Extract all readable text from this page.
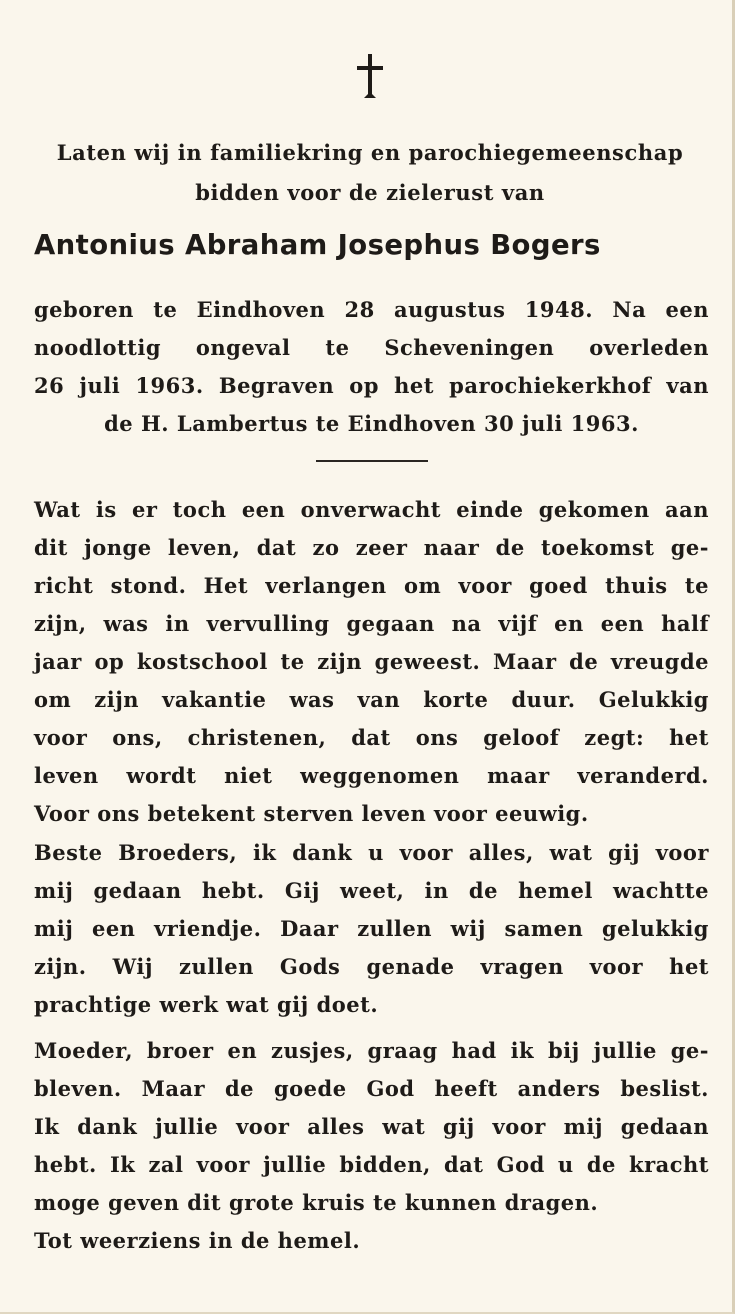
Laten wij in familiekring en parochiegemeenschap
bidden voor de zielerust van
Antonius Abraham Josephus Bogers
geboren te Eindhoven 28 augustus 1948. Na een
noodlottig ongeval te Scheveningen overleden
26 juli 1963. Begraven op het parochiekerkhof van
de H. Lambertus te Eindhoven 30 juli 1963.
Wat is er toch een onverwacht einde gekomen aan
dit jonge leven, dat zo zeer naar de toekomst ge-
richt stond. Het verlangen om voor goed thuis te
zijn, was in vervulling gegaan na vijf en een half
jaar op kostschool te zijn geweest. Maar de vreugde
om zijn vakantie was van korte duur. Gelukkig
voor ons, christenen, dat ons geloof zegt: het
leven wordt niet weggenomen maar veranderd.
Voor ons betekent sterven leven voor eeuwig.
Beste Broeders, ik dank u voor alles, wat gij voor
mij gedaan hebt. Gij weet, in de hemel wachtte
mij een vriendje. Daar zullen wij samen gelukkig
zijn. Wij zullen Gods genade vragen voor het
prachtige werk wat gij doet.
Moeder, broer en zusjes, graag had ik bij jullie ge-
bleven. Maar de goede God heeft anders beslist.
Ik dank jullie voor alles wat gij voor mij gedaan
hebt. Ik zal voor jullie bidden, dat God u de kracht
moge geven dit grote kruis te kunnen dragen.
Tot weerziens in de hemel.
